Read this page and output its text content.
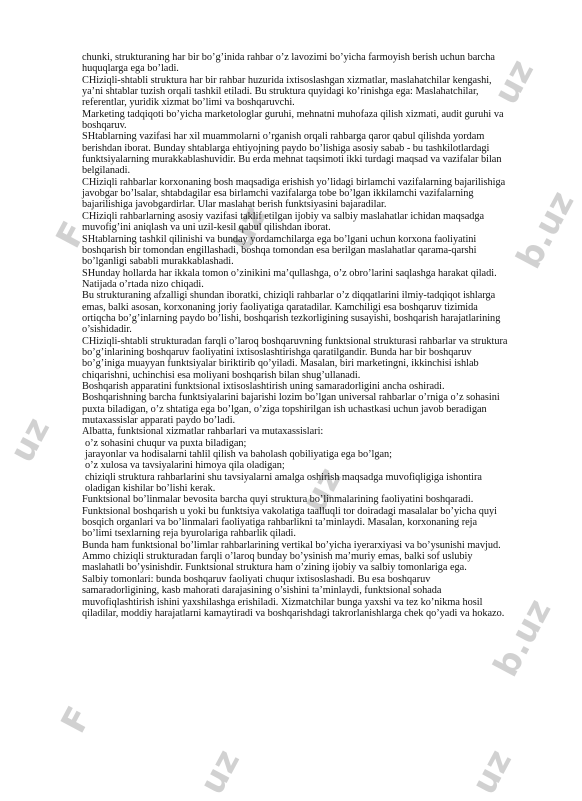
uz
F	uz	b.uz
uz
uz
b.uz
uz
F
uz

chunki, strukturaning har bir bo’g’inida rahbar o’z lavozimi bo’yicha farmoyish berish uchun barcha huquqlarga ega bo’ladi.

CHiziqli-shtabli struktura har bir rahbar huzurida ixtisoslashgan xizmatlar, maslahatchilar kengashi, ya’ni shtablar tuzish orqali tashkil etiladi. Bu struktura quyidagi ko’rinishga ega: Maslahatchilar, referentlar, yuridik xizmat bo’limi va boshqaruvchi.

Marketing tadqiqoti bo’yicha marketologlar guruhi, mehnatni muhofaza qilish xizmati, audit guruhi va boshqaruv.

SHtablarning vazifasi har xil muammolarni o’rganish orqali rahbarga qaror qabul qilishda yordam berishdan iborat. Bunday shtablarga ehtiyojning paydo bo’lishiga asosiy sabab - bu tashkilotlardagi funktsiyalarning murakkablashuvidir. Bu erda mehnat taqsimoti ikki turdagi maqsad va vazifalar bilan belgilanadi.

CHiziqli rahbarlar korxonaning bosh maqsadiga erishish yo’lidagi birlamchi vazifalarning bajarilishiga javobgar bo’lsalar, shtabdagilar esa birlamchi vazifalarga tobe bo’lgan ikkilamchi vazifalarning bajarilishiga javobgardirlar. Ular maslahat berish funktsiyasini bajaradilar.

CHiziqli rahbarlarning asosiy vazifasi taklif etilgan ijobiy va salbiy maslahatlar ichidan maqsadga muvofig’ini aniqlash va uni uzil-kesil qabul qilishdan iborat.

SHtablarning tashkil qilinishi va bunday yordamchilarga ega bo’lgani uchun korxona faoliyatini boshqarish bir tomondan engillashadi, boshqa tomondan esa berilgan maslahatlar qarama-qarshi bo’lganligi sababli murakkablashadi.

SHunday hollarda har ikkala tomon o’zinikini ma’qullashga, o’z obro’larini saqlashga harakat qiladi. Natijada o’rtada nizo chiqadi.

Bu strukturaning afzalligi shundan iboratki, chiziqli rahbarlar o’z diqqatlarini ilmiy-tadqiqot ishlarga emas, balki asosan, korxonaning joriy faoliyatiga qaratadilar. Kamchiligi esa boshqaruv tizimida ortiqcha bo’g’inlarning paydo bo’lishi, boshqarish tezkorligining susayishi, boshqarish harajatlarining o’sishidadir.

CHiziqli-shtabli strukturadan farqli o’laroq boshqaruvning funktsional strukturasi rahbarlar va struktura bo’g’inlarining boshqaruv faoliyatini ixtisoslashtirishga qaratilgandir. Bunda har bir boshqaruv bo’g’iniga muayyan funktsiyalar biriktirib qo’yiladi. Masalan, biri marketingni, ikkinchisi ishlab chiqarishni, uchinchisi esa moliyani boshqarish bilan shug’ullanadi.

Boshqarish apparatini funktsional ixtisoslashtirish uning samaradorligini ancha oshiradi.

Boshqarishning barcha funktsiyalarini bajarishi lozim bo’lgan universal rahbarlar o’rniga o’z sohasini puxta biladigan, o’z shtatiga ega bo’lgan, o’ziga topshirilgan ish uchastkasi uchun javob beradigan mutaxassislar apparati paydo bo’ladi.

Albatta, funktsional xizmatlar rahbarlari va mutaxassislari:

o’z sohasini chuqur va puxta biladigan;

jarayonlar va hodisalarni tahlil qilish va baholash qobiliyatiga ega bo’lgan;

o’z xulosa va tavsiyalarini himoya qila oladigan;

chiziqli struktura rahbarlarini shu tavsiyalarni amalga oshirish maqsadga muvofiqligiga ishontira oladigan kishilar bo’lishi kerak.

Funktsional bo’linmalar bevosita barcha quyi struktura bo’linmalarining faoliyatini boshqaradi.

Funktsional boshqarish u yoki bu funktsiya vakolatiga taalluqli tor doiradagi masalalar bo’yicha quyi bosqich organlari va bo’linmalari faoliyatiga rahbarlikni ta’minlaydi. Masalan, korxonaning reja bo’limi tsexlarning reja byurolariga rahbarlik qiladi.

Bunda ham funktsional bo’limlar rahbarlarining vertikal bo’yicha iyerarxiyasi va bo’ysunishi mavjud. Ammo chiziqli strukturadan farqli o’laroq bunday bo’ysinish ma’muriy emas, balki sof uslubiy maslahatli bo’ysinishdir. Funktsional struktura ham o’zining ijobiy va salbiy tomonlariga ega.

Salbiy tomonlari: bunda boshqaruv faoliyati chuqur ixtisoslashadi. Bu esa boshqaruv samaradorligining, kasb mahorati darajasining o’sishini ta’minlaydi, funktsional sohada muvofiqlashtirish ishini yaxshilashga erishiladi. Xizmatchilar bunga yaxshi va tez ko’nikma hosil qiladilar, moddiy harajatlarni kamaytiradi va boshqarishdagi takrorlanishlarga chek qo’yadi va hokazo.
